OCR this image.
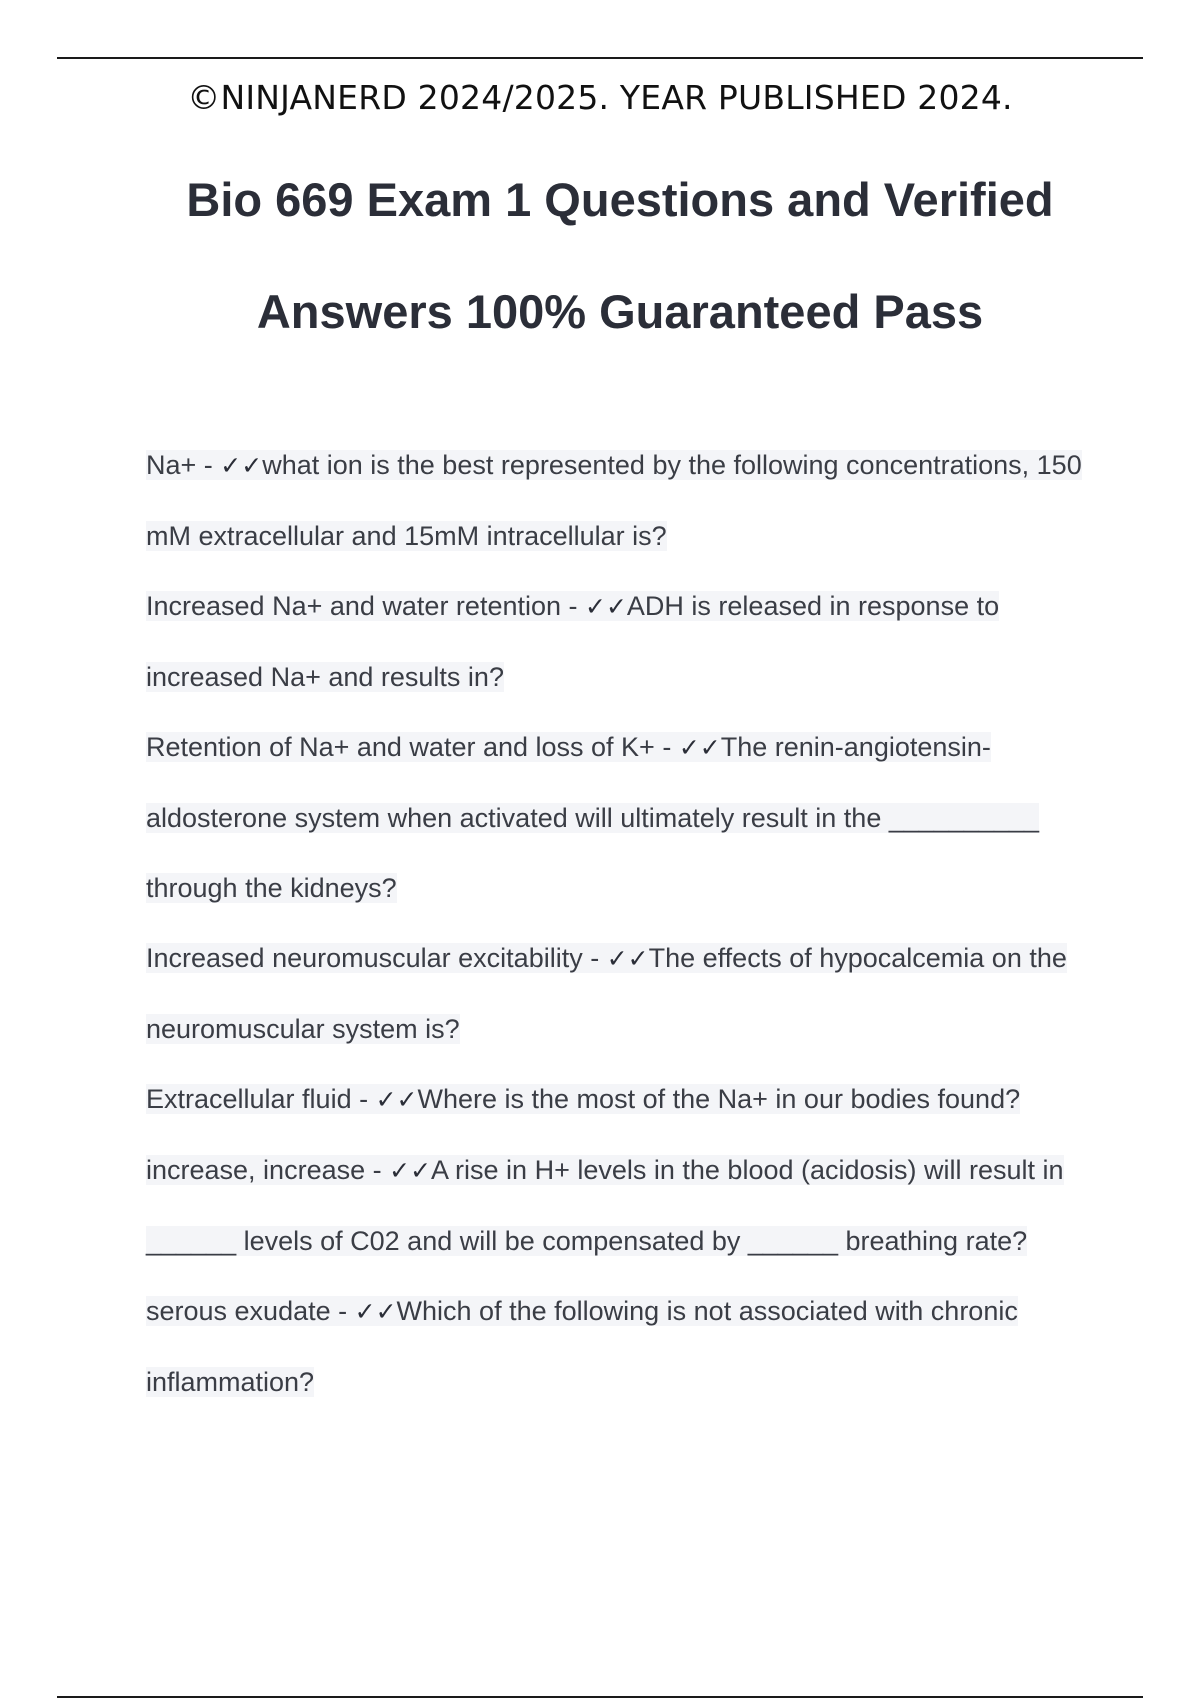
©NINJANERD 2024/2025. YEAR PUBLISHED 2024.
Bio 669 Exam 1 Questions and Verified Answers 100% Guaranteed Pass
Na+ - ✓✓what ion is the best represented by the following concentrations, 150 mM extracellular and 15mM intracellular is?
Increased Na+ and water retention - ✓✓ADH is released in response to increased Na+ and results in?
Retention of Na+ and water and loss of K+ - ✓✓The renin-angiotensin-aldosterone system when activated will ultimately result in the __________ through the kidneys?
Increased neuromuscular excitability - ✓✓The effects of hypocalcemia on the neuromuscular system is?
Extracellular fluid - ✓✓Where is the most of the Na+ in our bodies found?
increase, increase - ✓✓A rise in H+ levels in the blood (acidosis) will result in ______ levels of C02 and will be compensated by ______ breathing rate?
serous exudate - ✓✓Which of the following is not associated with chronic inflammation?
